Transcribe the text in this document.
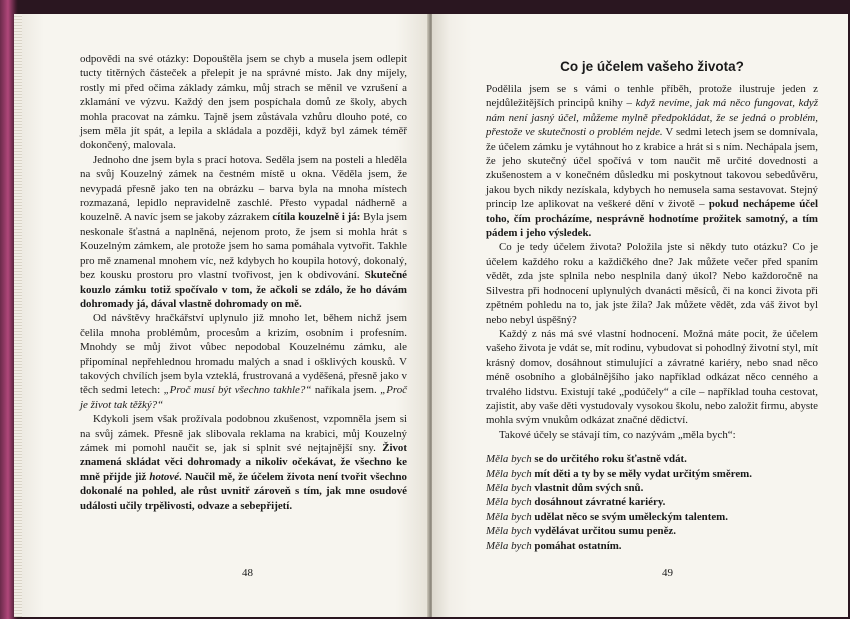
odpovědi na své otázky: Dopouštěla jsem se chyb a musela jsem odlepit tucty titěrných částeček a přelepit je na správné místo. Jak dny míjely, rostly mi před očima základy zámku, můj strach se měnil ve vzrušení a zklamání ve výzvu. Každý den jsem pospíchala domů ze školy, abych mohla pracovat na zámku. Tajně jsem zůstávala vzhůru dlouho poté, co jsem měla jít spát, a lepila a skládala a později, když byl zámek téměř dokončený, malovala.

Jednoho dne jsem byla s prací hotova. Seděla jsem na posteli a hleděla na svůj Kouzelný zámek na čestném místě u okna. Věděla jsem, že nevypadá přesně jako ten na obrázku – barva byla na mnoha místech rozmazaná, lepidlo nepravidelně zaschlé. Přesto vypadal nádherně a kouzelně. A navíc jsem se jakoby zázrakem cítila kouzelně i já: Byla jsem neskonale šťastná a naplněná, nejenom proto, že jsem si mohla hrát s Kouzelným zámkem, ale protože jsem ho sama pomáhala vytvořit. Takhle pro mě znamenal mnohem víc, než kdybych ho koupila hotový, dokonalý, bez kousku prostoru pro vlastní tvořivost, jen k obdivování. Skutečné kouzlo zámku totiž spočívalo v tom, že ačkoli se zdálo, že ho dávám dohromady já, dával vlastně dohromady on mě.

Od návštěvy hračkářství uplynulo již mnoho let, během nichž jsem čelila mnoha problémům, procesům a krizím, osobním i profesním. Mnohdy se můj život vůbec nepodobal Kouzelnému zámku, ale připomínal nepřehlednou hromadu malých a snad i ošklivých kousků. V takových chvílích jsem byla vzteklá, frustrovaná a vyděšená, přesně jako v těch sedmi letech: „Proč musí být všechno takhle?“ naříkala jsem. „Proč je život tak těžký?“

Kdykoli jsem však prožívala podobnou zkušenost, vzpomněla jsem si na svůj zámek. Přesně jak slibovala reklama na krabici, můj Kouzelný zámek mi pomohl naučit se, jak si splnit své nejtajnější sny. Život znamená skládat věci dohromady a nikoliv očekávat, že všechno ke mně přijde již hotové. Naučil mě, že účelem života není tvořit všechno dokonalé na pohled, ale růst uvnitř zároveň s tím, jak mne osudové události učily trpělivosti, odvaze a sebepřijetí.

48
Co je účelem vašeho života?

Podělila jsem se s vámi o tenhle příběh, protože ilustruje jeden z nejdůležitějších principů knihy – když nevíme, jak má něco fungovat, když nám není jasný účel, můžeme mylně předpokládat, že se jedná o problém, přestože ve skutečnosti o problém nejde. V sedmi letech jsem se domnívala, že účelem zámku je vytáhnout ho z krabice a hrát si s ním. Nechápala jsem, že jeho skutečný účel spočívá v tom naučit mě určité dovednosti a zkušenostem a v konečném důsledku mi poskytnout takovou sebedůvěru, jakou bych nikdy nezískala, kdybych ho nemusela sama sestavovat. Stejný princip lze aplikovat na veškeré dění v životě – pokud nechápeme účel toho, čím procházíme, nesprávně hodnotíme prožitek samotný, a tím pádem i jeho výsledek.

Co je tedy účelem života? Položila jste si někdy tuto otázku? Co je účelem každého roku a každičkého dne? Jak můžete večer před spaním vědět, zda jste splnila nebo nesplnila daný úkol? Nebo každoročně na Silvestra při hodnocení uplynulých dvanácti měsíců, či na konci života při zpětném pohledu na to, jak jste žila? Jak můžete vědět, zda váš život byl nebo nebyl úspěšný?

Každý z nás má své vlastní hodnocení. Možná máte pocit, že účelem vašeho života je vdát se, mít rodinu, vybudovat si pohodlný životní styl, mít krásný domov, dosáhnout stimulující a závratné kariéry, nebo snad něco méně osobního a globálnějšího jako například odkázat něco cenného a trvalého lidstvu. Existují také „podúčely“ a cíle – například touha cestovat, zajistit, aby vaše děti vystudovaly vysokou školu, nebo založit firmu, abyste mohla svým vnukům odkázat značné dědictví.

Takové účely se stávají tím, co nazývám „měla bych“:

Měla bych se do určitého roku šťastně vdát.

Měla bych mít děti a ty by se měly vydat určitým směrem.

Měla bych vlastnit dům svých snů.

Měla bych dosáhnout závratné kariéry.

Měla bych udělat něco se svým uměleckým talentem.

Měla bych vydělávat určitou sumu peněz.

Měla bych pomáhat ostatním.

49
